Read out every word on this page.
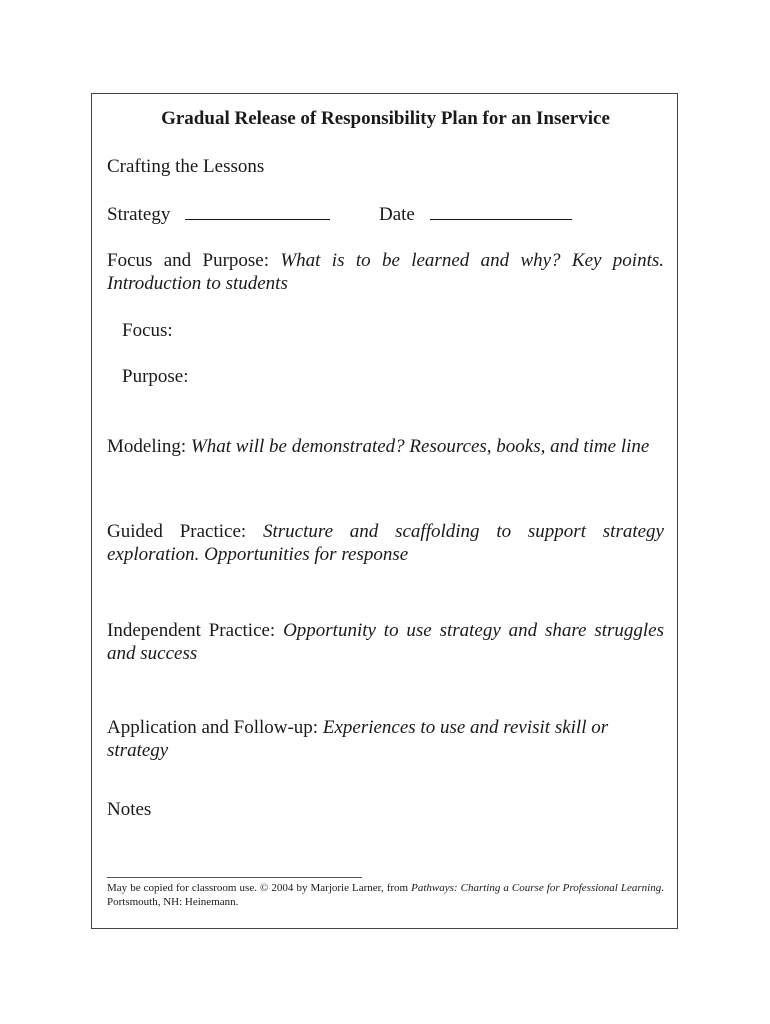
Gradual Release of Responsibility Plan for an Inservice
Crafting the Lessons
Strategy	Date
Focus and Purpose: What is to be learned and why? Key points. Introduction to students
Focus:
Purpose:
Modeling: What will be demonstrated? Resources, books, and time line
Guided Practice: Structure and scaffolding to support strategy exploration. Opportunities for response
Independent Practice: Opportunity to use strategy and share struggles and success
Application and Follow-up: Experiences to use and revisit skill or strategy
Notes
May be copied for classroom use. © 2004 by Marjorie Larner, from Pathways: Charting a Course for Professional Learning. Portsmouth, NH: Heinemann.
